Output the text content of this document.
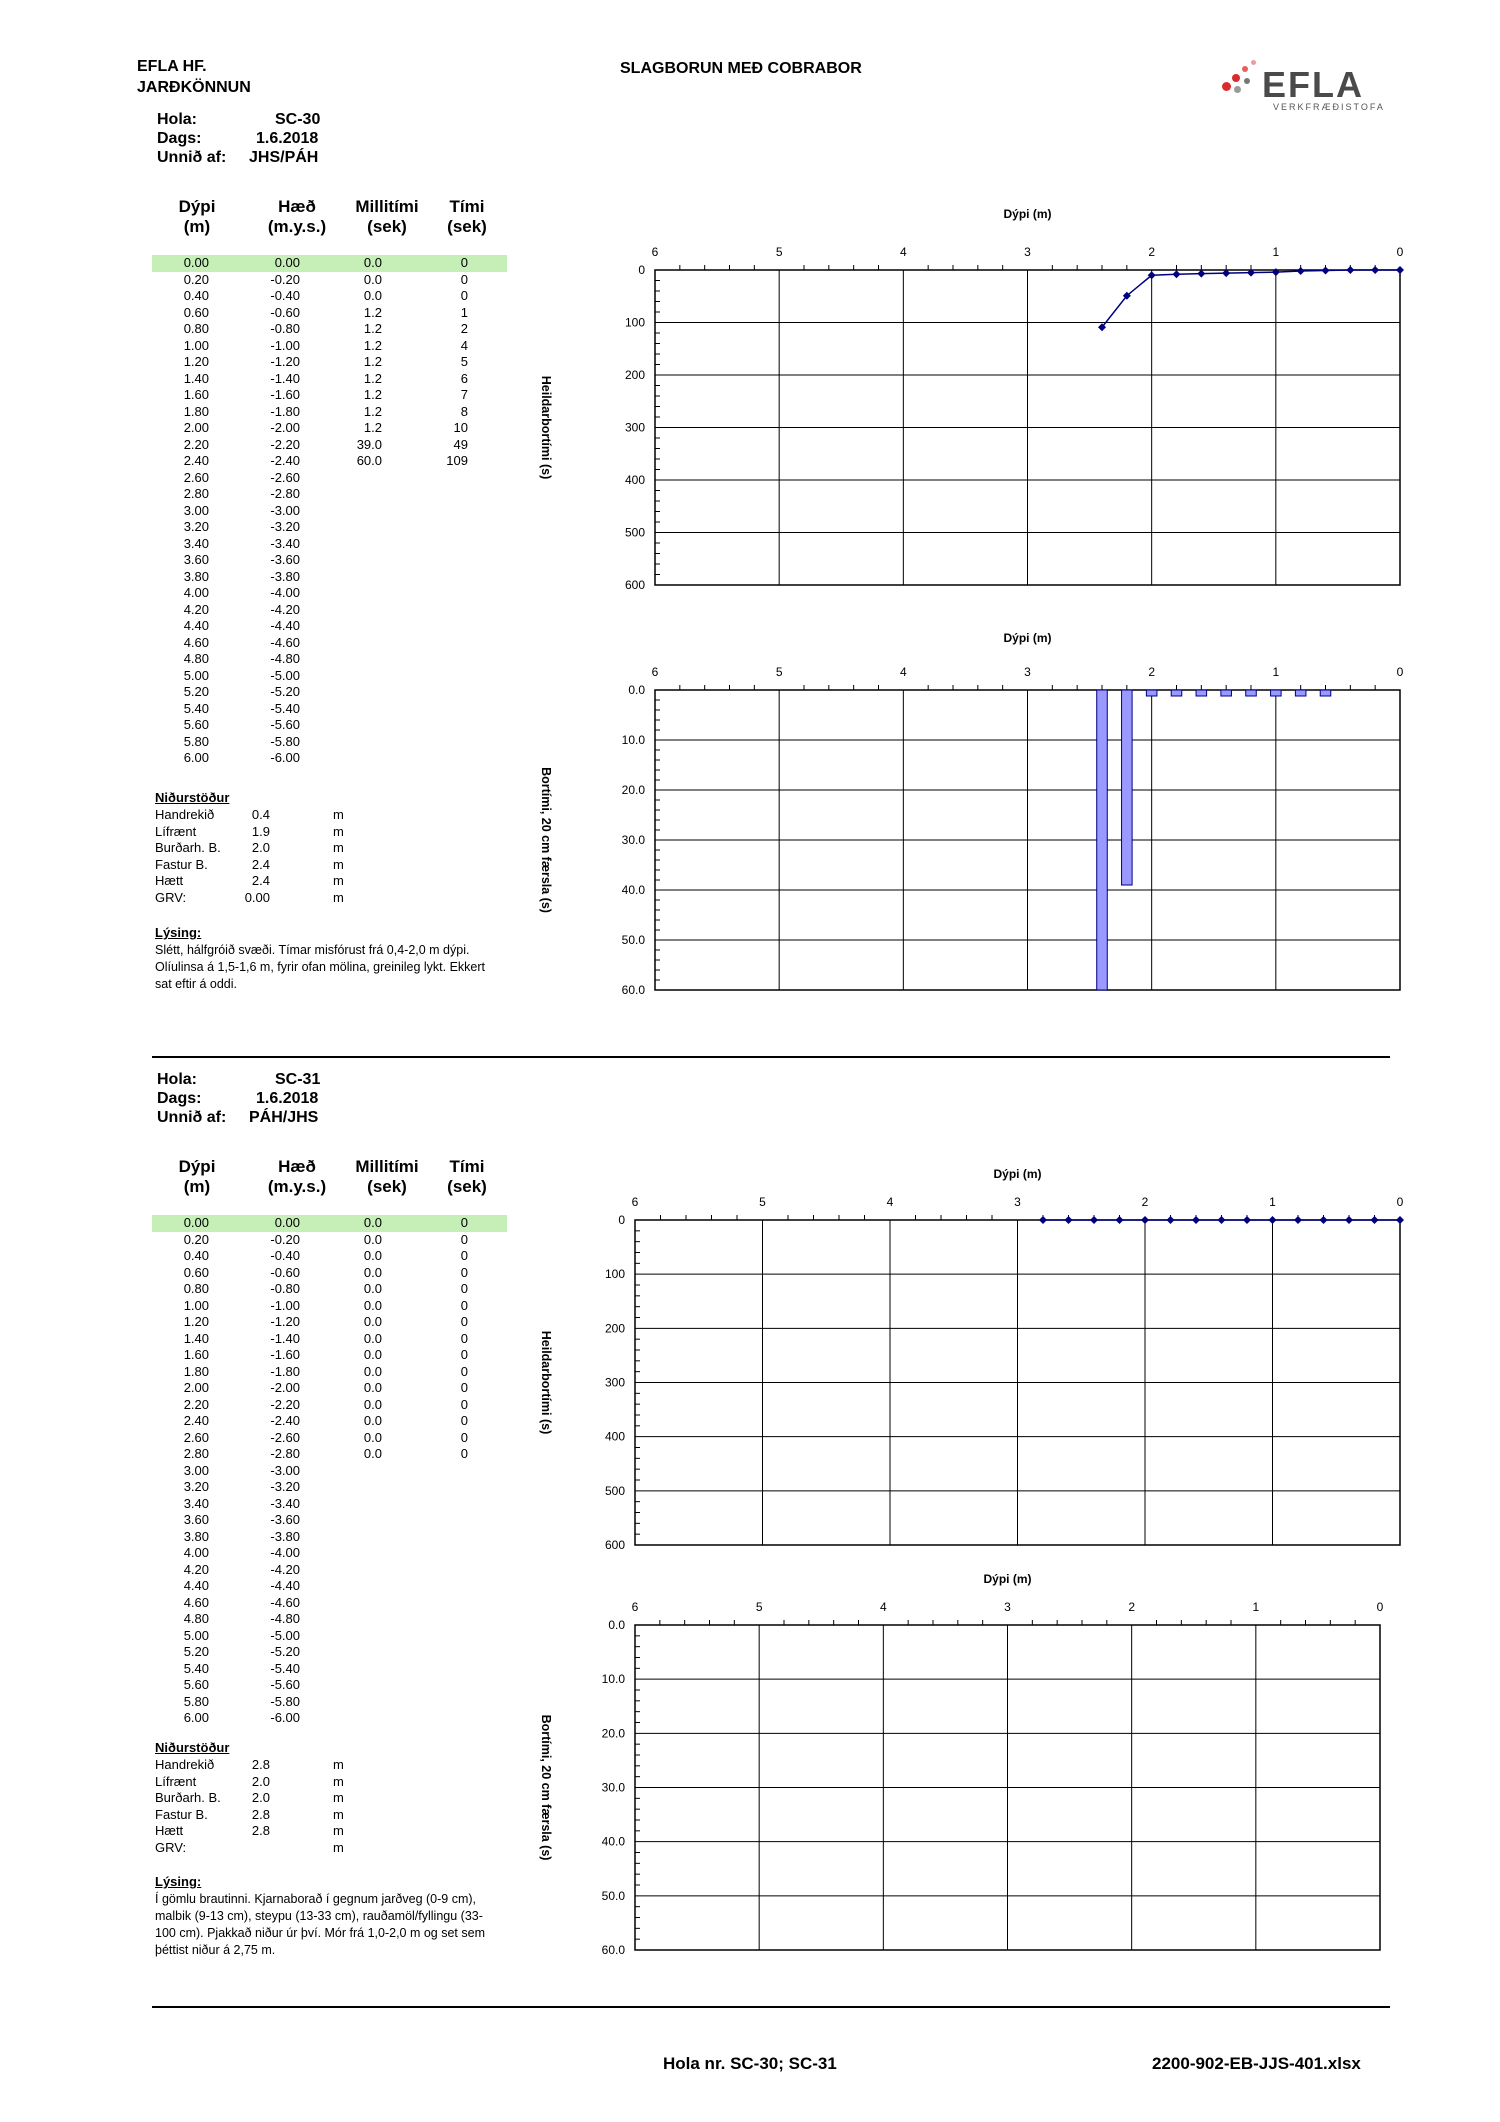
EFLA HF.
JARÐKÖNNUN
SLAGBORUN MEÐ COBRABOR	EFLA
VERKFRÆÐISTOFA
Hola:	SC-30
Dags:	1.6.2018
Unnið af: JHS/PÁH
Dýpi
(m)
Hæð
(m.y.s.)
Millitími
(sek)
Tími
(sek)
0.00	0.00	0.0	0
0.20	-0.20	0.0	0
0.40	-0.40	0.0	0
0.60	-0.60	1.2	1
0.80	-0.80	1.2	2
1.00	-1.00	1.2	4
1.20	-1.20	1.2	5
1.40	-1.40	1.2	6
1.60	-1.60	1.2	7
1.80	-1.80	1.2	8
2.00	-2.00	1.2	10
2.20	-2.20	39.0	49
2.40	-2.40	60.0	109
2.60	-2.60
2.80	-2.80
3.00	-3.00
3.20	-3.20
3.40	-3.40
3.60	-3.60
3.80	-3.80
4.00	-4.00
4.20	-4.20
4.40	-4.40
4.60	-4.60
4.80	-4.80
5.00	-5.00
5.20	-5.20
5.40	-5.40
5.60	-5.60
5.80	-5.80
6.00	-6.00
Niðurstöður
Handrekið	0.4	m
Lífrænt	1.9	m
Burðarh. B. 2.0	m
Fastur B.	2.4	m
Hætt	2.4	m
GRV:	0.00	m
Lýsing:
Slétt, hálfgróið svæði. Tímar misfórust frá 0,4-2,0 m dýpi. Olíulinsa á 1,5-1,6 m, fyrir ofan mölina, greinileg lykt. Ekkert sat eftir á oddi.
Dýpi (m)
Heildarbortími (s)
6	5	4	3	2	1	0
0
100
200
300
400
500
600
Dýpi (m)
Bortími, 20 cm færsla (s)
6	5	4	3	2	1	0
0.0
10.0
20.0
30.0
40.0
50.0
60.0
Hola:	SC-31
Dags:	1.6.2018
Unnið af: PÁH/JHS
Dýpi
(m)
Hæð
(m.y.s.)
Millitími
(sek)
Tími
(sek)
0.00	0.00	0.0	0
0.20	-0.20	0.0	0
0.40	-0.40	0.0	0
0.60	-0.60	0.0	0
0.80	-0.80	0.0	0
1.00	-1.00	0.0	0
1.20	-1.20	0.0	0
1.40	-1.40	0.0	0
1.60	-1.60	0.0	0
1.80	-1.80	0.0	0
2.00	-2.00	0.0	0
2.20	-2.20	0.0	0
2.40	-2.40	0.0	0
2.60	-2.60	0.0	0
2.80	-2.80	0.0	0
3.00	-3.00
3.20	-3.20
3.40	-3.40
3.60	-3.60
3.80	-3.80
4.00	-4.00
4.20	-4.20
4.40	-4.40
4.60	-4.60
4.80	-4.80
5.00	-5.00
5.20	-5.20
5.40	-5.40
5.60	-5.60
5.80	-5.80
6.00	-6.00
Niðurstöður
Handrekið	2.8	m
Lífrænt	2.0	m
Burðarh. B. 2.0	m
Fastur B.	2.8	m
Hætt	2.8	m
GRV:	m
Lýsing:
Í gömlu brautinni. Kjarnaborað í gegnum jarðveg (0-9 cm), malbik (9-13 cm), steypu (13-33 cm), rauðamöl/fyllingu (33-100 cm). Pjakkað niður úr því. Mór frá 1,0-2,0 m og set sem þéttist niður á 2,75 m.
Dýpi (m)
Heildarbortími (s)
6	5	4	3	2	1	0
0
100
200
300
400
500
600
Dýpi (m)
Bortími, 20 cm færsla (s)
6	5	4	3	2	1	0
0.0
10.0
20.0
30.0
40.0
50.0
60.0
Hola nr. SC-30; SC-31	2200-902-EB-JJS-401.xlsx
